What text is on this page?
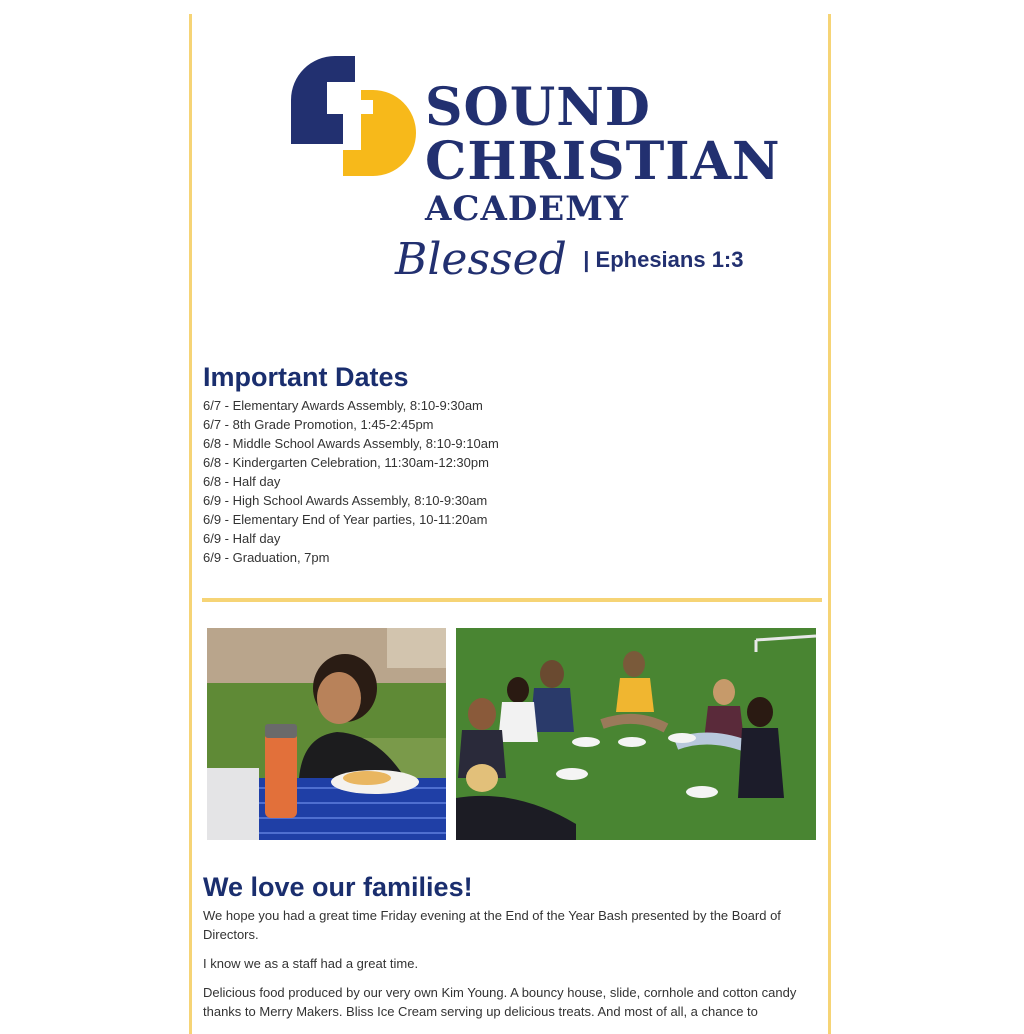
SOUND
CHRISTIAN
ACADEMY
Blessed | Ephesians 1:3
Important Dates
6/7 - Elementary Awards Assembly, 8:10-9:30am
6/7 - 8th Grade Promotion, 1:45-2:45pm
6/8 - Middle School Awards Assembly, 8:10-9:10am
6/8 - Kindergarten Celebration, 11:30am-12:30pm
6/8 - Half day
6/9 - High School Awards Assembly, 8:10-9:30am
6/9 - Elementary End of Year parties, 10-11:20am
6/9 - Half day
6/9 - Graduation, 7pm
We love our families!

We hope you had a great time Friday evening at the End of the Year Bash presented by the Board of Directors.

I know we as a staff had a great time.

Delicious food produced by our very own Kim Young. A bouncy house, slide, cornhole and cotton candy thanks to Merry Makers. Bliss Ice Cream serving up delicious treats. And most of all, a chance to
